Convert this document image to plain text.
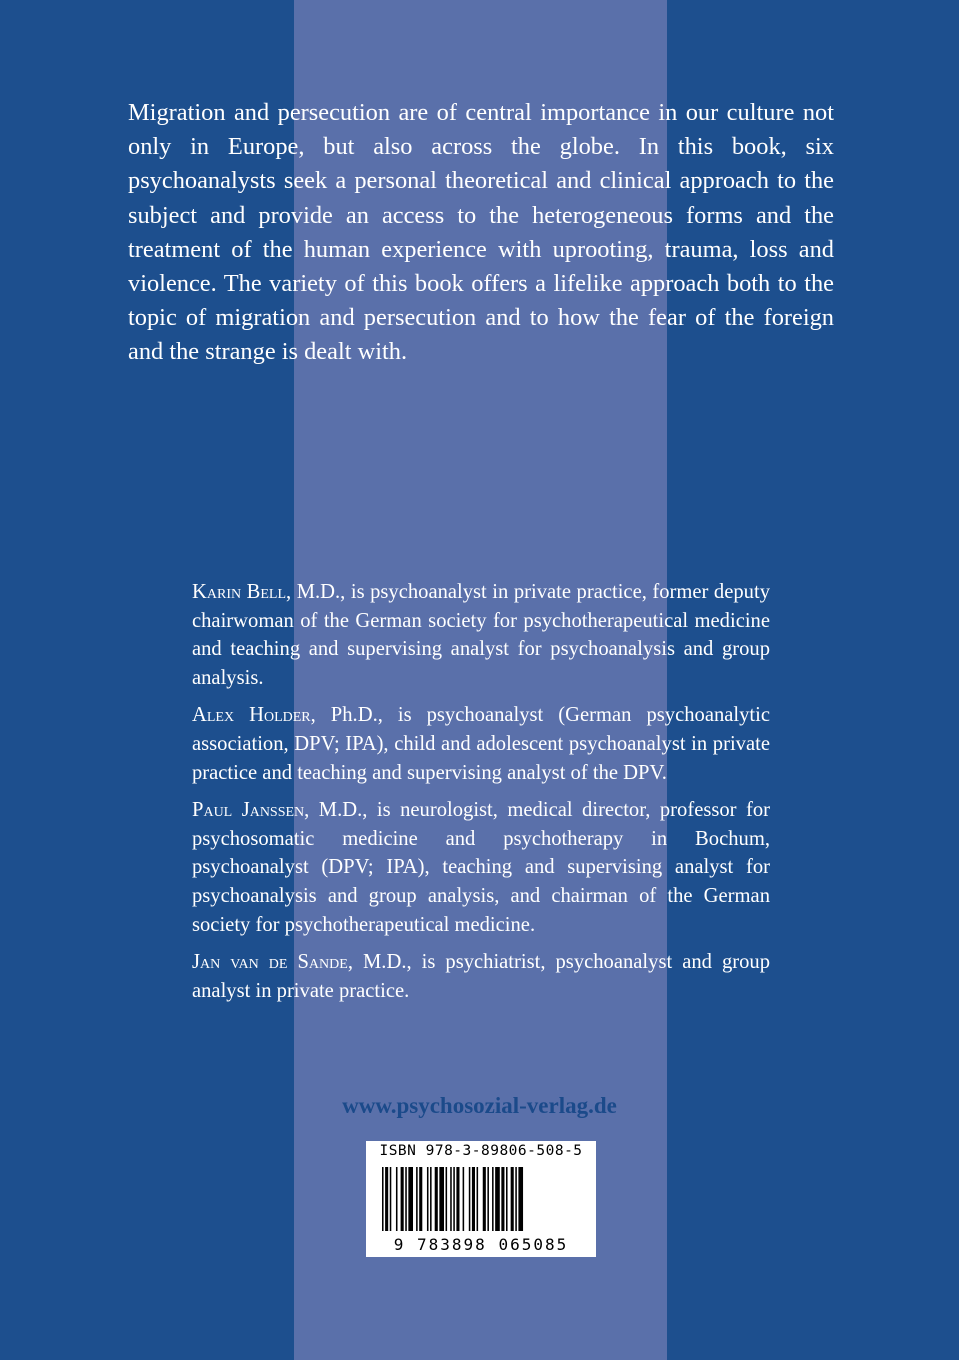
Migration and persecution are of central importance in our culture not only in Europe, but also across the globe. In this book, six psychoanalysts seek a personal theoretical and clinical approach to the subject and provide an access to the heterogeneous forms and the treatment of the human experience with uprooting, trauma, loss and violence. The variety of this book offers a lifelike approach both to the topic of migration and persecution and to how the fear of the foreign and the strange is dealt with.

Karin Bell, M.D., is psychoanalyst in private practice, former deputy chairwoman of the German society for psychotherapeutical medicine and teaching and supervising analyst for psychoanalysis and group analysis.

Alex Holder, Ph.D., is psychoanalyst (German psychoanalytic association, DPV; IPA), child and adolescent psychoanalyst in private practice and teaching and supervising analyst of the DPV.

Paul Janssen, M.D., is neurologist, medical director, professor for psychosomatic medicine and psychotherapy in Bochum, psychoanalyst (DPV; IPA), teaching and supervising analyst for psychoanalysis and group analysis, and chairman of the German society for psychotherapeutical medicine.

Jan van de Sande, M.D., is psychiatrist, psychoanalyst and group analyst in private practice.

www.psychosozial-verlag.de
ISBN 978-3-89806-508-5
9 783898 065085
